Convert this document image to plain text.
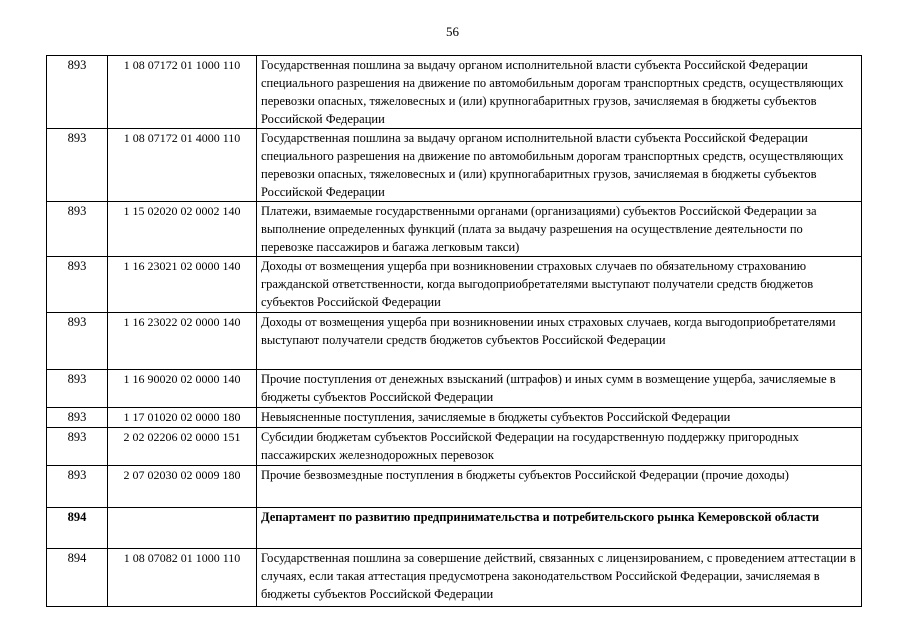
56
893	1 08 07172 01 1000 110	Государственная пошлина за выдачу органом исполнительной власти субъекта Российской Федерации специального разрешения на движение по автомобильным дорогам транспортных средств, осуществляющих перевозки опасных, тяжеловесных и (или) крупногабаритных грузов, зачисляемая в бюджеты субъектов Российской Федерации
893	1 08 07172 01 4000 110	Государственная пошлина за выдачу органом исполнительной власти субъекта Российской Федерации специального разрешения на движение по автомобильным дорогам транспортных средств, осуществляющих перевозки опасных, тяжеловесных и (или) крупногабаритных грузов, зачисляемая в бюджеты субъектов Российской Федерации
893	1 15 02020 02 0002 140	Платежи, взимаемые государственными органами (организациями) субъектов Российской Федерации за выполнение определенных функций (плата за выдачу разрешения на осуществление деятельности по перевозке пассажиров и багажа легковым такси)
893	1 16 23021 02 0000 140	Доходы от возмещения ущерба при возникновении страховых случаев по обязательному страхованию гражданской ответственности, когда выгодоприобретателями выступают получатели средств бюджетов субъектов Российской Федерации
893	1 16 23022 02 0000 140	Доходы от возмещения ущерба при возникновении иных страховых случаев, когда выгодоприобретателями выступают получатели средств бюджетов субъектов Российской Федерации
893	1 16 90020 02 0000 140	Прочие поступления от денежных взысканий (штрафов) и иных сумм в возмещение ущерба, зачисляемые в бюджеты субъектов Российской Федерации
893	1 17 01020 02 0000 180	Невыясненные поступления, зачисляемые в бюджеты субъектов Российской Федерации
893	2 02 02206 02 0000 151	Субсидии бюджетам субъектов Российской Федерации на государственную поддержку пригородных пассажирских железнодорожных перевозок
893	2 07 02030 02 0009 180	Прочие безвозмездные поступления в бюджеты субъектов Российской Федерации (прочие доходы)
894		Департамент по развитию предпринимательства и потребительского рынка Кемеровской области
894	1 08 07082 01 1000 110	Государственная пошлина за совершение действий, связанных с лицензированием, с проведением аттестации в случаях, если такая аттестация предусмотрена законодательством Российской Федерации, зачисляемая в бюджеты субъектов Российской Федерации
